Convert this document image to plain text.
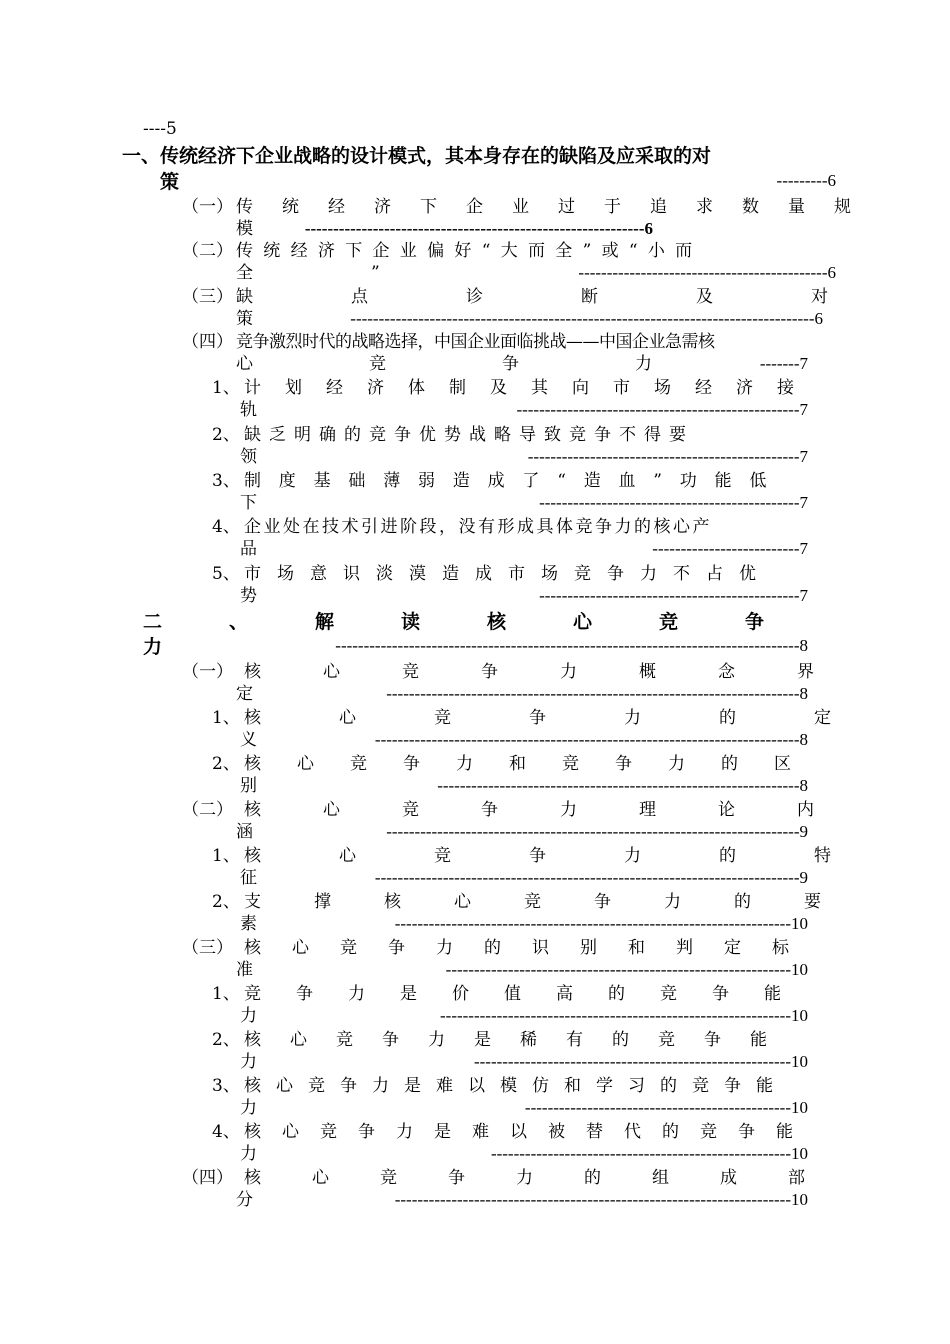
----5
一、传统经济下企业战略的设计模式，其本身存在的缺陷及应采取的对
策	---------6
（一） 传 统 经 济 下 企 业 过 于 追 求 数 量 规
模	------------------------------------------------------------6
（二） 传统经济下企业偏好“大而全”或“小而
全”	--------------------------------------------6
（三） 缺点诊断及对
策	----------------------------------------------------------------------------------6
（四） 竞争激烈时代的战略选择，中国企业面临挑战——中国企业急需核
心竞争力
-------7
1、 计划经济体制及其向市场经济接
轨	--------------------------------------------------7
2、 缺乏明确的竞争优势战略导致竞争不得要
领	------------------------------------------------7
3、 制度基础薄弱造成了“造血”功能低
下	----------------------------------------------7
4、 企业处在技术引进阶段，没有形成具体竞争力的核心产
品	--------------------------7
5、 市场意识淡漠造成市场竞争力不占优
势	----------------------------------------------7
二、解读核心竞争
力	----------------------------------------------------------------------------------8
（一） 核心竞争力概念界
定	-------------------------------------------------------------------------8
1、 核心竞争力的定
义	---------------------------------------------------------------------------8
2、 核心竞争力和竞争力的区
别	----------------------------------------------------------------8
（二） 核心竞争力理论内
涵	-------------------------------------------------------------------------9
1、 核心竞争力的特
征	---------------------------------------------------------------------------9
2、 支撑核心竞争力的要
素	----------------------------------------------------------------------10
（三） 核心竞争力的识别和判定标
准	-------------------------------------------------------------10
1、 竞争力是价值高的竞争能
力	--------------------------------------------------------------10
2、 核心竞争力是稀有的竞争能
力	--------------------------------------------------------10
3、 核心竞争力是难以模仿和学习的竞争能
力	-----------------------------------------------10
4、 核心竞争力是难以被替代的竞争能
力	-----------------------------------------------------10
（四） 核心竞争力的组成部
分	----------------------------------------------------------------------10
